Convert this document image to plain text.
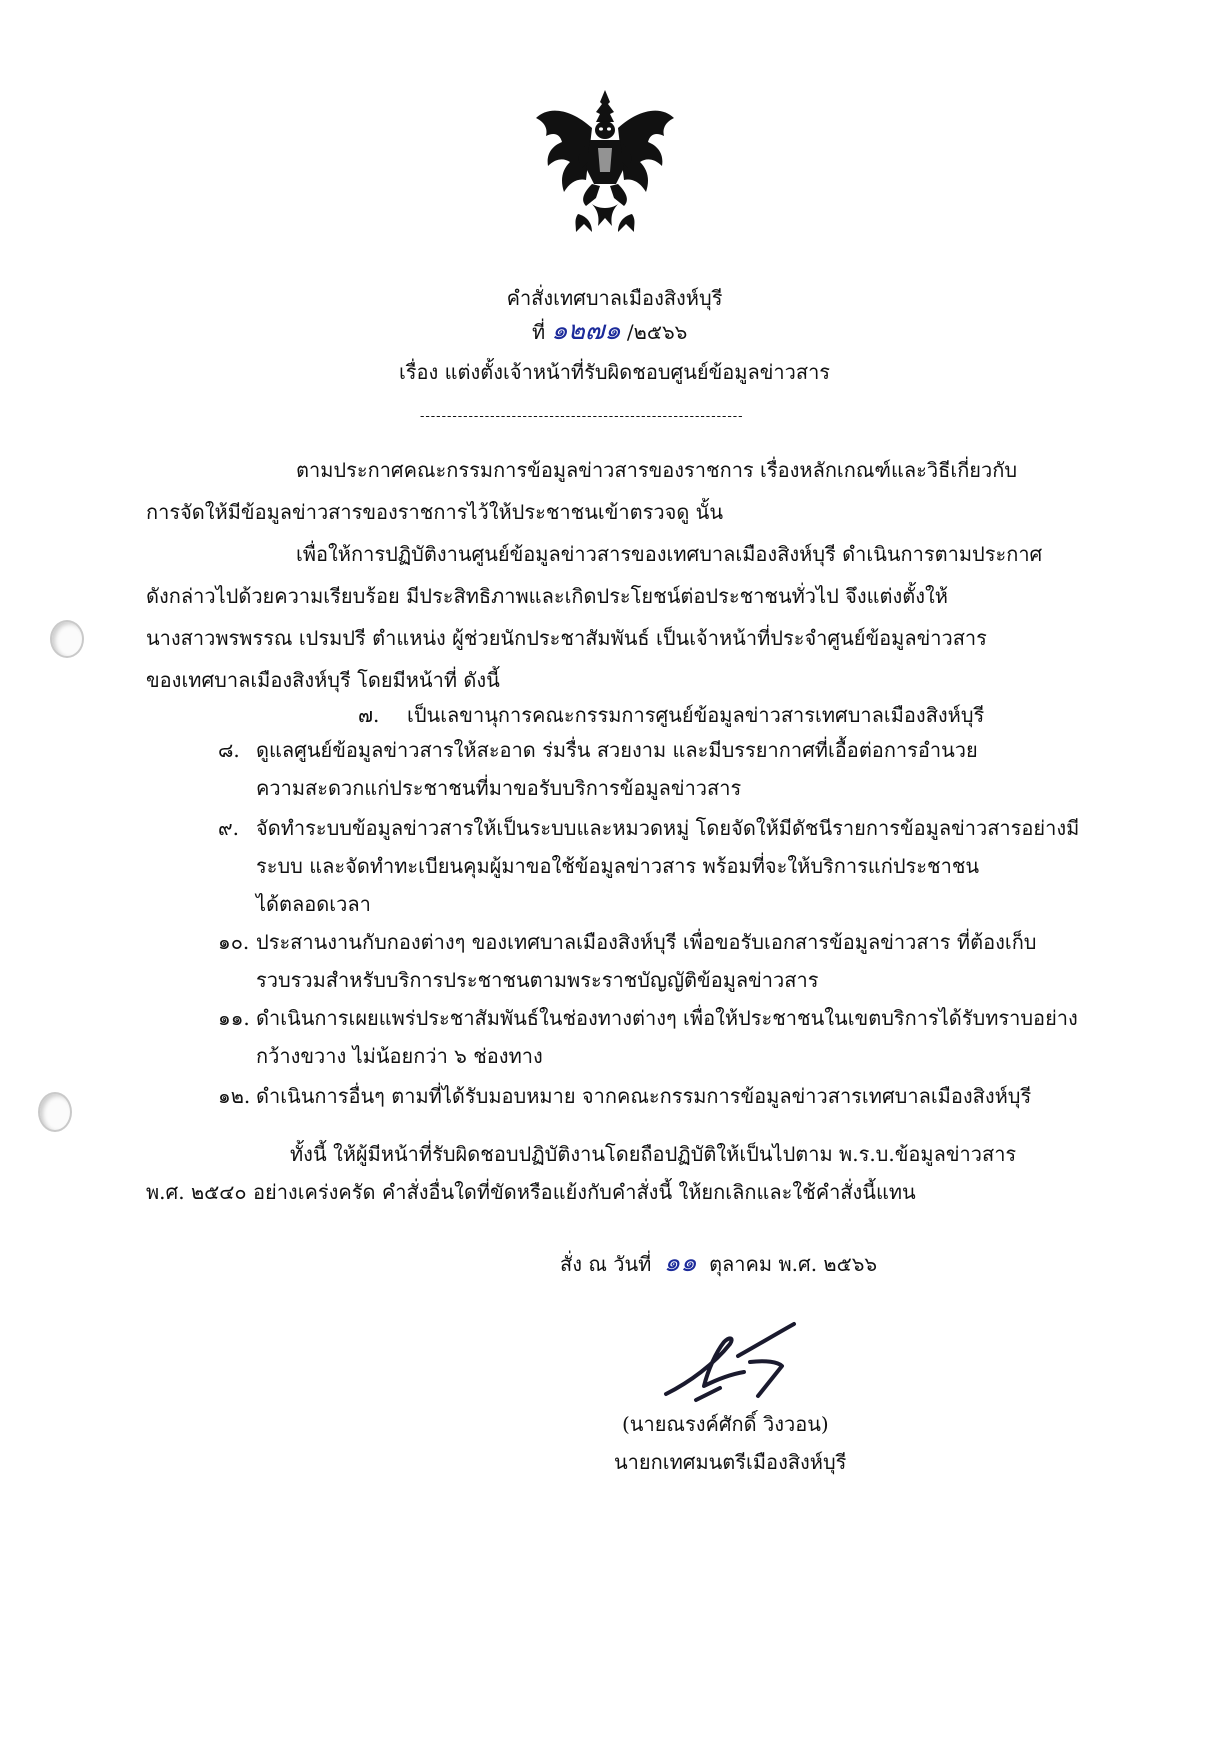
คำสั่งเทศบาลเมืองสิงห์บุรี
ที่ ๑๒๗๑ /๒๕๖๖
เรื่อง แต่งตั้งเจ้าหน้าที่รับผิดชอบศูนย์ข้อมูลข่าวสาร
------------------------------------------------------------
ตามประกาศคณะกรรมการข้อมูลข่าวสารของราชการ เรื่องหลักเกณฑ์และวิธีเกี่ยวกับ
การจัดให้มีข้อมูลข่าวสารของราชการไว้ให้ประชาชนเข้าตรวจดู นั้น
เพื่อให้การปฏิบัติงานศูนย์ข้อมูลข่าวสารของเทศบาลเมืองสิงห์บุรี ดำเนินการตามประกาศ
ดังกล่าวไปด้วยความเรียบร้อย มีประสิทธิภาพและเกิดประโยชน์ต่อประชาชนทั่วไป จึงแต่งตั้งให้
นางสาวพรพรรณ เปรมปรี ตำแหน่ง ผู้ช่วยนักประชาสัมพันธ์ เป็นเจ้าหน้าที่ประจำศูนย์ข้อมูลข่าวสาร
ของเทศบาลเมืองสิงห์บุรี โดยมีหน้าที่ ดังนี้
๗. เป็นเลขานุการคณะกรรมการศูนย์ข้อมูลข่าวสารเทศบาลเมืองสิงห์บุรี
๘. ดูแลศูนย์ข้อมูลข่าวสารให้สะอาด ร่มรื่น สวยงาม และมีบรรยากาศที่เอื้อต่อการอำนวย
ความสะดวกแก่ประชาชนที่มาขอรับบริการข้อมูลข่าวสาร
๙. จัดทำระบบข้อมูลข่าวสารให้เป็นระบบและหมวดหมู่ โดยจัดให้มีดัชนีรายการข้อมูลข่าวสารอย่างมี
ระบบ และจัดทำทะเบียนคุมผู้มาขอใช้ข้อมูลข่าวสาร พร้อมที่จะให้บริการแก่ประชาชน
ได้ตลอดเวลา
๑๐. ประสานงานกับกองต่างๆ ของเทศบาลเมืองสิงห์บุรี เพื่อขอรับเอกสารข้อมูลข่าวสาร ที่ต้องเก็บ
รวบรวมสำหรับบริการประชาชนตามพระราชบัญญัติข้อมูลข่าวสาร
๑๑. ดำเนินการเผยแพร่ประชาสัมพันธ์ในช่องทางต่างๆ เพื่อให้ประชาชนในเขตบริการได้รับทราบอย่าง
กว้างขวาง ไม่น้อยกว่า ๖ ช่องทาง
๑๒. ดำเนินการอื่นๆ ตามที่ได้รับมอบหมาย จากคณะกรรมการข้อมูลข่าวสารเทศบาลเมืองสิงห์บุรี
ทั้งนี้ ให้ผู้มีหน้าที่รับผิดชอบปฏิบัติงานโดยถือปฏิบัติให้เป็นไปตาม พ.ร.บ.ข้อมูลข่าวสาร
พ.ศ. ๒๕๔๐ อย่างเคร่งครัด คำสั่งอื่นใดที่ขัดหรือแย้งกับคำสั่งนี้ ให้ยกเลิกและใช้คำสั่งนี้แทน
สั่ง ณ วันที่ ๑๑ ตุลาคม พ.ศ. ๒๕๖๖
(นายณรงค์ศักดิ์ วิงวอน)
นายกเทศมนตรีเมืองสิงห์บุรี
